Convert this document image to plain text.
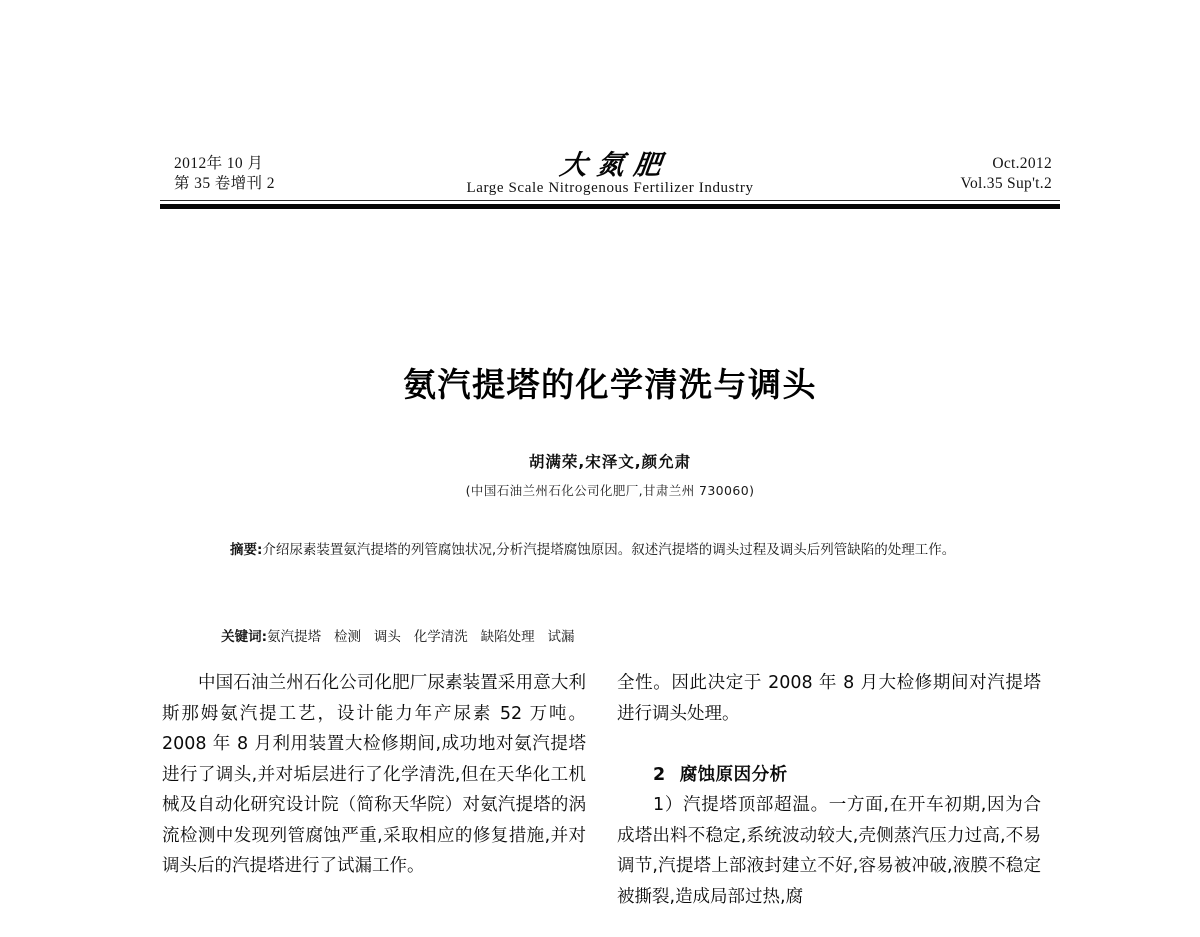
2012年 10 月
第 35 卷增刊 2
大氮肥
Large Scale Nitrogenous Fertilizer Industry
Oct.2012
Vol.35 Sup't.2
氨汽提塔的化学清洗与调头
胡满荣,宋泽文,颜允肃
(中国石油兰州石化公司化肥厂,甘肃兰州 730060)
摘要:介绍尿素装置氨汽提塔的列管腐蚀状况,分析汽提塔腐蚀原因。叙述汽提塔的调头过程及调头后列管缺陷的处理工作。

关键词:氨汽提塔   检测   调头   化学清洗   缺陷处理   试漏

中国石油兰州石化公司化肥厂尿素装置采用意大利斯那姆氨汽提工艺，设计能力年产尿素 52 万吨。2008 年 8 月利用装置大检修期间,成功地对氨汽提塔进行了调头,并对垢层进行了化学清洗,但在天华化工机械及自动化研究设计院（简称天华院）对氨汽提塔的涡流检测中发现列管腐蚀严重,采取相应的修复措施,并对调头后的汽提塔进行了试漏工作。

全性。因此决定于 2008 年 8 月大检修期间对汽提塔进行调头处理。

2 腐蚀原因分析

1）汽提塔顶部超温。一方面,在开车初期,因为合成塔出料不稳定,系统波动较大,壳侧蒸汽压力过高,不易调节,汽提塔上部液封建立不好,容易被冲破,液膜不稳定被撕裂,造成局部过热,腐
